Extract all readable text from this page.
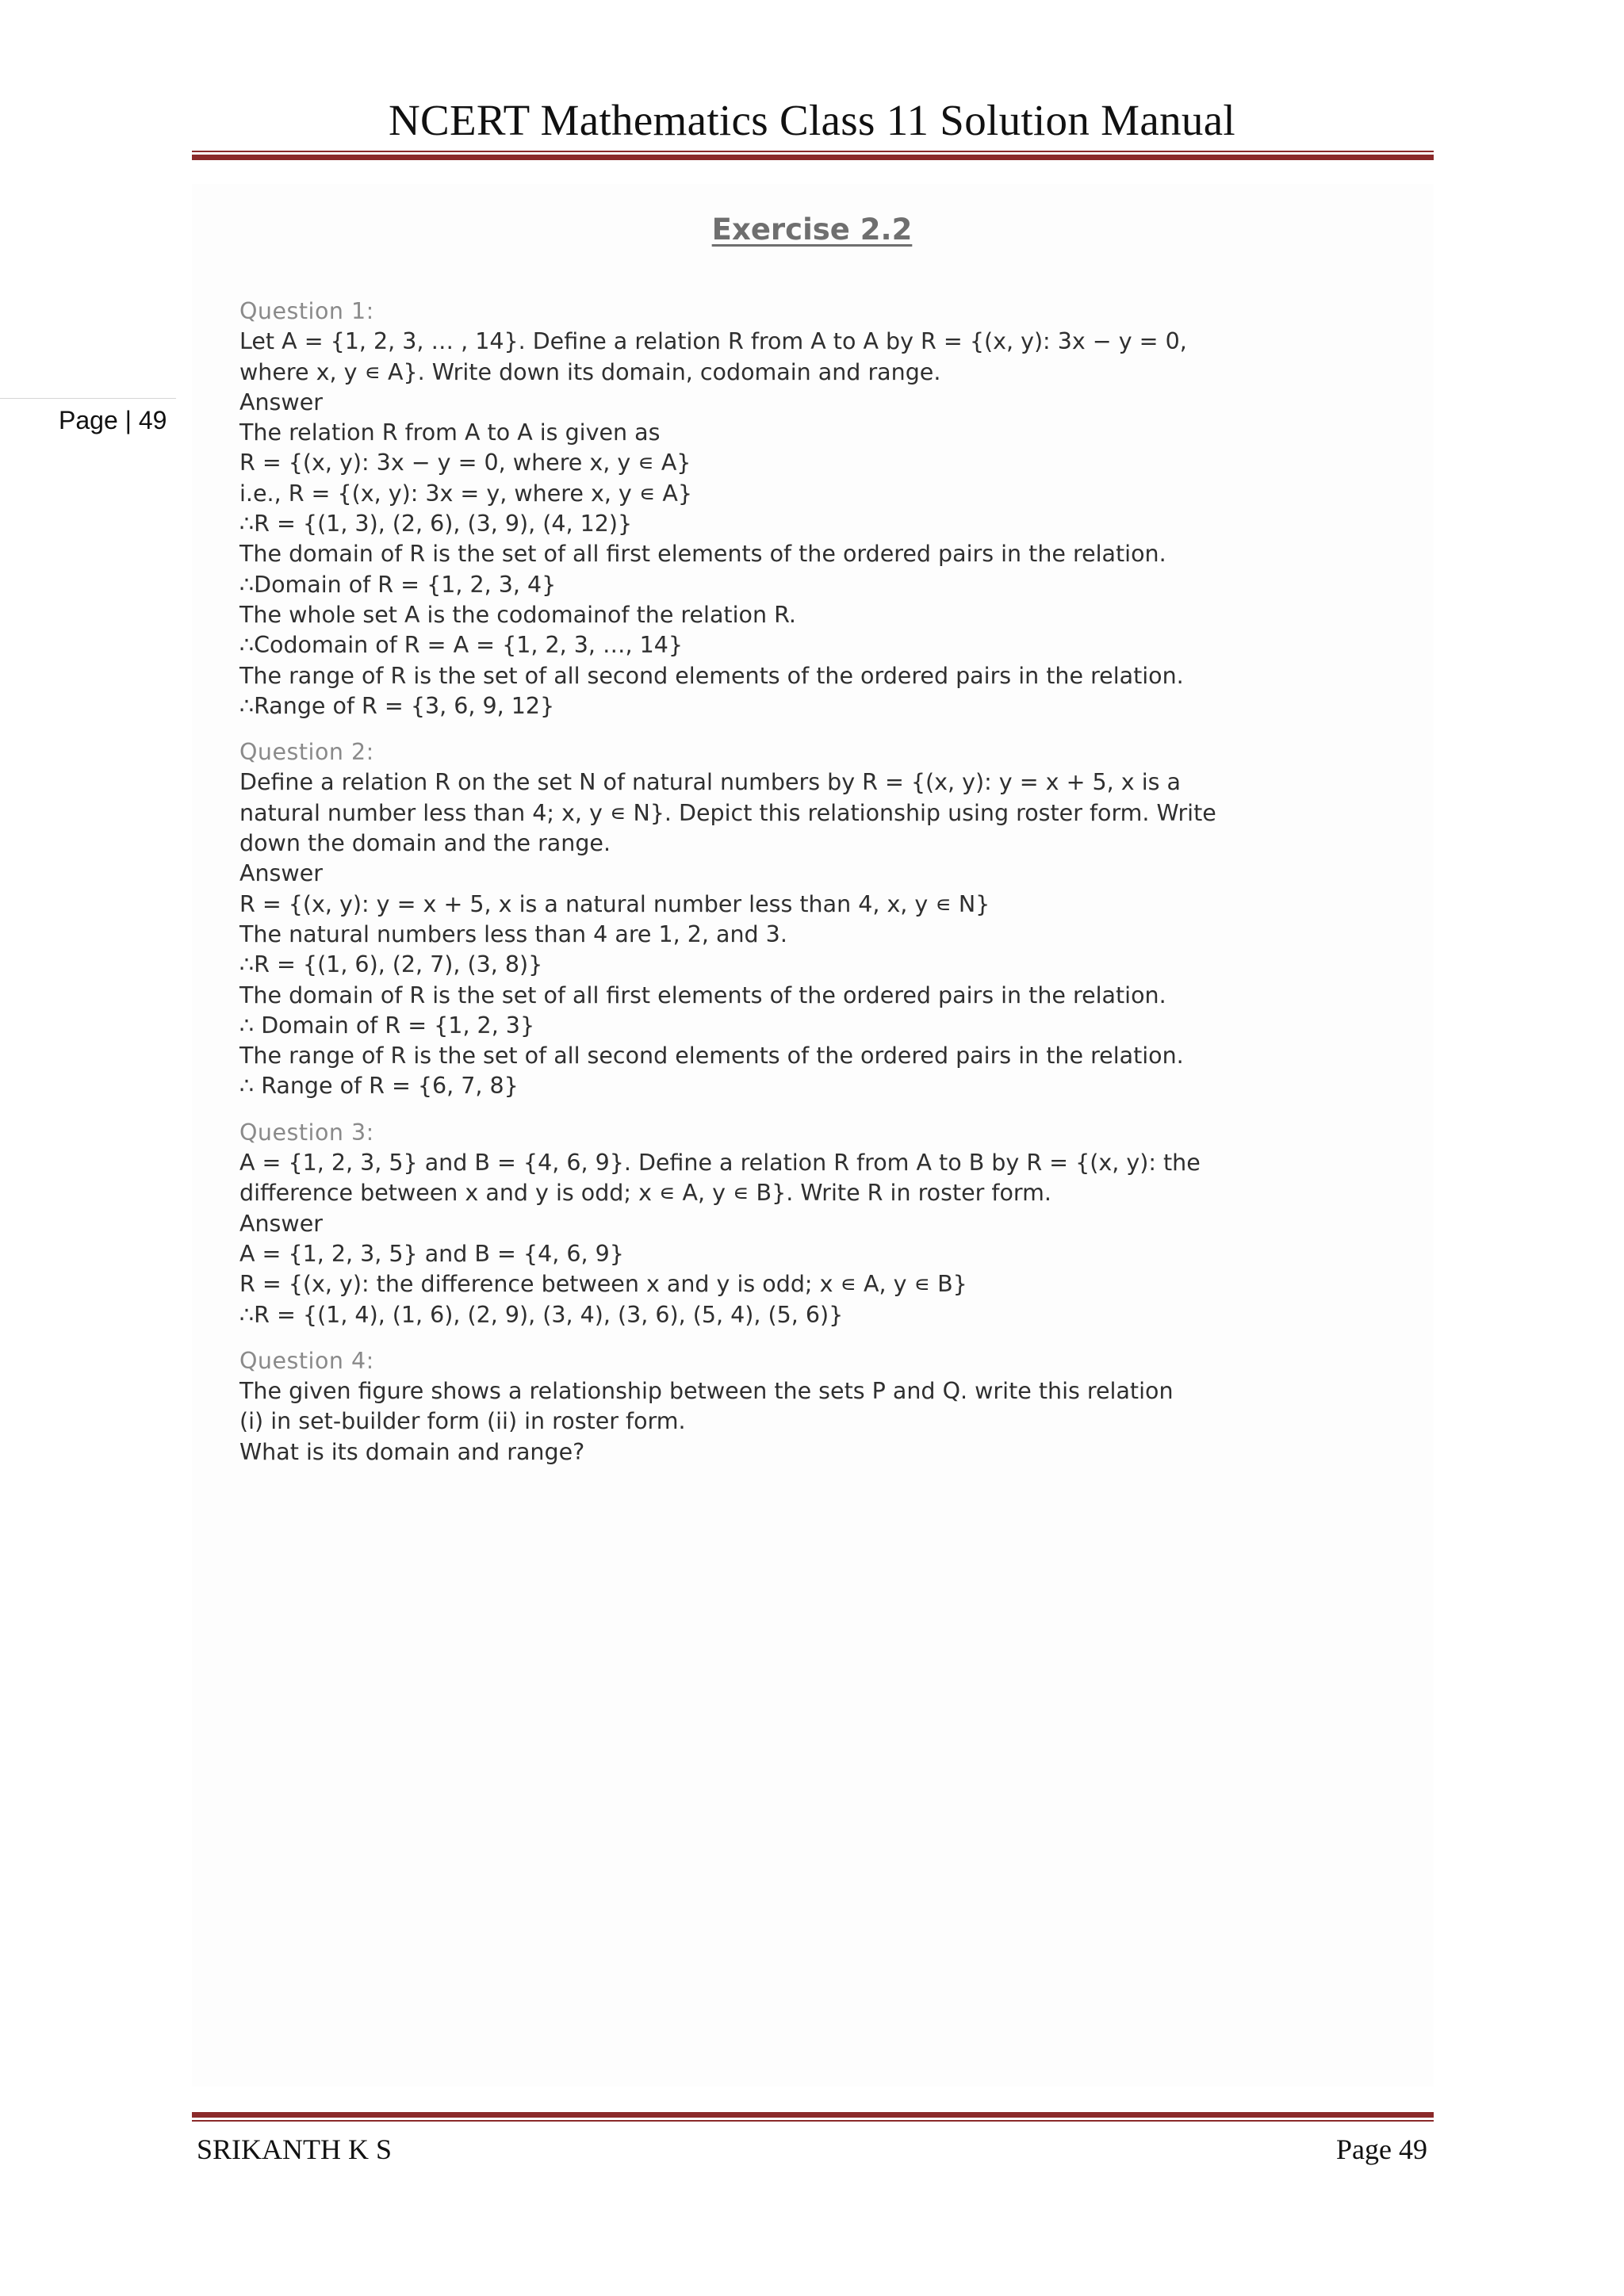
NCERT Mathematics Class 11 Solution Manual
Page | 49
Exercise 2.2
Question 1:
Let A = {1, 2, 3, … , 14}. Define a relation R from A to A by R = {(x, y): 3x − y = 0,
where x, y ∊ A}. Write down its domain, codomain and range.
Answer
The relation R from A to A is given as
R = {(x, y): 3x − y = 0, where x, y ∊ A}
i.e., R = {(x, y): 3x = y, where x, y ∊ A}
∴R = {(1, 3), (2, 6), (3, 9), (4, 12)}
The domain of R is the set of all first elements of the ordered pairs in the relation.
∴Domain of R = {1, 2, 3, 4}
The whole set A is the codomainof the relation R.
∴Codomain of R = A = {1, 2, 3, …, 14}
The range of R is the set of all second elements of the ordered pairs in the relation.
∴Range of R = {3, 6, 9, 12}
Question 2:
Define a relation R on the set N of natural numbers by R = {(x, y): y = x + 5, x is a
natural number less than 4; x, y ∊ N}. Depict this relationship using roster form. Write
down the domain and the range.
Answer
R = {(x, y): y = x + 5, x is a natural number less than 4, x, y ∊ N}
The natural numbers less than 4 are 1, 2, and 3.
∴R = {(1, 6), (2, 7), (3, 8)}
The domain of R is the set of all first elements of the ordered pairs in the relation.
∴ Domain of R = {1, 2, 3}
The range of R is the set of all second elements of the ordered pairs in the relation.
∴ Range of R = {6, 7, 8}
Question 3:
A = {1, 2, 3, 5} and B = {4, 6, 9}. Define a relation R from A to B by R = {(x, y): the
difference between x and y is odd; x ∊ A, y ∊ B}. Write R in roster form.
Answer
A = {1, 2, 3, 5} and B = {4, 6, 9}
R = {(x, y): the difference between x and y is odd; x ∊ A, y ∊ B}
∴R = {(1, 4), (1, 6), (2, 9), (3, 4), (3, 6), (5, 4), (5, 6)}
Question 4:
The given figure shows a relationship between the sets P and Q. write this relation
(i) in set-builder form (ii) in roster form.
What is its domain and range?
SRIKANTH K S	Page 49
